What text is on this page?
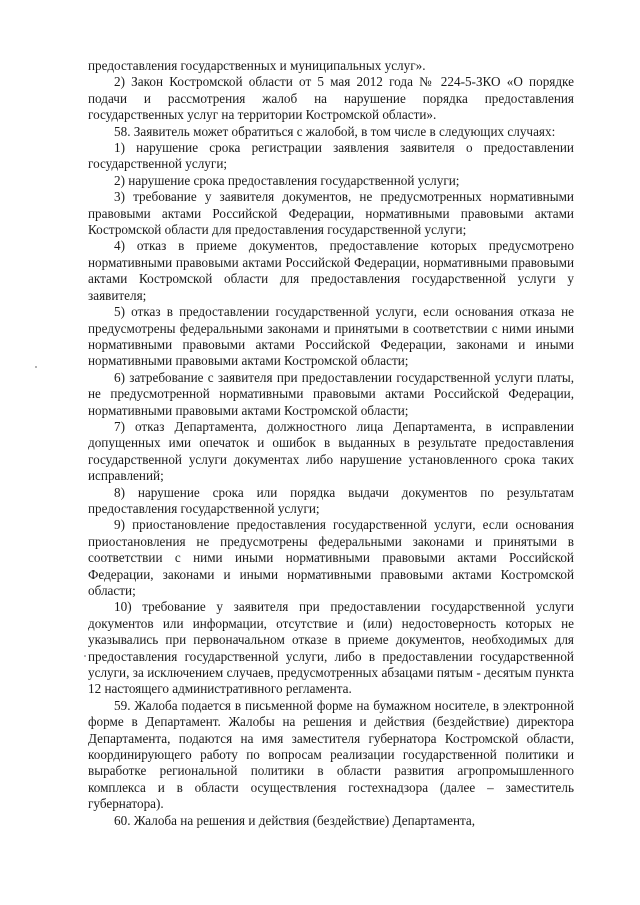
предоставления государственных и муниципальных услуг».

2) Закон Костромской области от 5 мая 2012 года № 224-5-ЗКО «О порядке подачи и рассмотрения жалоб на нарушение порядка предоставления государственных услуг на территории Костромской области».

58. Заявитель может обратиться с жалобой, в том числе в следующих случаях:

1) нарушение срока регистрации заявления заявителя о предоставлении государственной услуги;

2) нарушение срока предоставления государственной услуги;

3) требование у заявителя документов, не предусмотренных нормативными правовыми актами Российской Федерации, нормативными правовыми актами Костромской области для предоставления государственной услуги;

4) отказ в приеме документов, предоставление которых предусмотрено нормативными правовыми актами Российской Федерации, нормативными правовыми актами Костромской области для предоставления государственной услуги у заявителя;

5) отказ в предоставлении государственной услуги, если основания отказа не предусмотрены федеральными законами и принятыми в соответствии с ними иными нормативными правовыми актами Российской Федерации, законами и иными нормативными правовыми актами Костромской области;

6) затребование с заявителя при предоставлении государственной услуги платы, не предусмотренной нормативными правовыми актами Российской Федерации, нормативными правовыми актами Костромской области;

7) отказ Департамента, должностного лица Департамента, в исправлении допущенных ими опечаток и ошибок в выданных в результате предоставления государственной услуги документах либо нарушение установленного срока таких исправлений;

8) нарушение срока или порядка выдачи документов по результатам предоставления государственной услуги;

9) приостановление предоставления государственной услуги, если основания приостановления не предусмотрены федеральными законами и принятыми в соответствии с ними иными нормативными правовыми актами Российской Федерации, законами и иными нормативными правовыми актами Костромской области;

10) требование у заявителя при предоставлении государственной услуги документов или информации, отсутствие и (или) недостоверность которых не указывались при первоначальном отказе в приеме документов, необходимых для предоставления государственной услуги, либо в предоставлении государственной услуги, за исключением случаев, предусмотренных абзацами пятым - десятым пункта 12 настоящего административного регламента.

59. Жалоба подается в письменной форме на бумажном носителе, в электронной форме в Департамент. Жалобы на решения и действия (бездействие) директора Департамента, подаются на имя заместителя губернатора Костромской области, координирующего работу по вопросам реализации государственной политики и выработке региональной политики в области развития агропромышленного комплекса и в области осуществления гостехнадзора (далее – заместитель губернатора).

60. Жалоба на решения и действия (бездействие) Департамента,
